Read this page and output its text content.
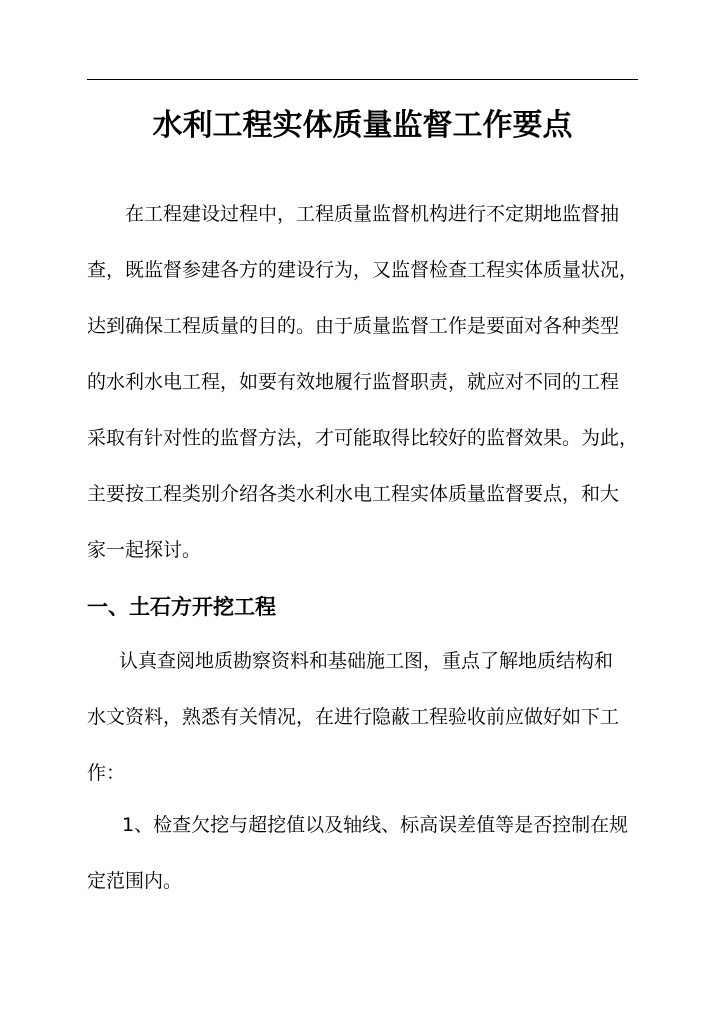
水利工程实体质量监督工作要点
在工程建设过程中，工程质量监督机构进行不定期地监督抽
查，既监督参建各方的建设行为，又监督检查工程实体质量状况，
达到确保工程质量的目的。由于质量监督工作是要面对各种类型
的水利水电工程，如要有效地履行监督职责，就应对不同的工程
采取有针对性的监督方法，才可能取得比较好的监督效果。为此，
主要按工程类别介绍各类水利水电工程实体质量监督要点，和大
家一起探讨。
一、土石方开挖工程
认真查阅地质勘察资料和基础施工图，重点了解地质结构和
水文资料，熟悉有关情况，在进行隐蔽工程验收前应做好如下工
作：
1、检查欠挖与超挖值以及轴线、标高误差值等是否控制在规
定范围内。
